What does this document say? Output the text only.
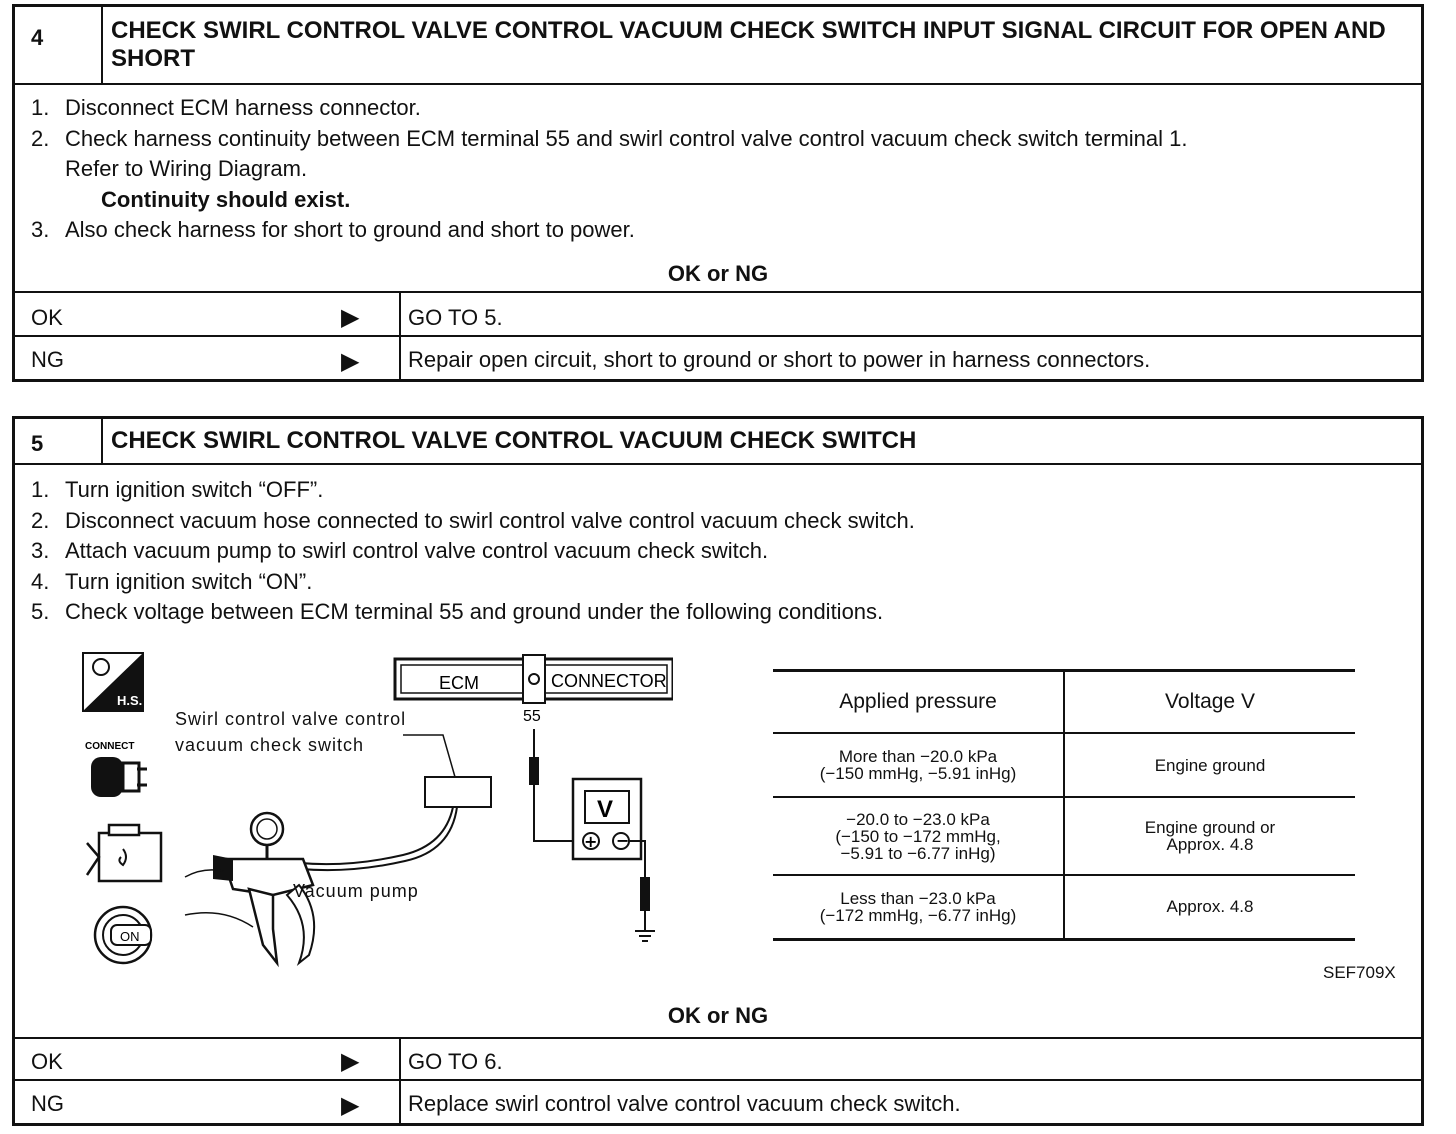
4	CHECK SWIRL CONTROL VALVE CONTROL VACUUM CHECK SWITCH INPUT SIGNAL CIRCUIT FOR OPEN AND SHORT
1. Disconnect ECM harness connector.
2. Check harness continuity between ECM terminal 55 and swirl control valve control vacuum check switch terminal 1.
Refer to Wiring Diagram.
Continuity should exist.
3. Also check harness for short to ground and short to power.
OK or NG
OK	▶ GO TO 5.
NG	▶ Repair open circuit, short to ground or short to power in harness connectors.
5	CHECK SWIRL CONTROL VALVE CONTROL VACUUM CHECK SWITCH
1. Turn ignition switch “OFF”.
2. Disconnect vacuum hose connected to swirl control valve control vacuum check switch.
3. Attach vacuum pump to swirl control valve control vacuum check switch.
4. Turn ignition switch “ON”.
5. Check voltage between ECM terminal 55 and ground under the following conditions.
H.S.
CONNECT
ON
ECM	CONNECTOR
55
V
+ −
Swirl control valve control
vacuum check switch
Vacuum pump
Applied pressure	Voltage V

More than −20.0 kPa
(−150 mmHg, −5.91 inHg)	Engine ground

−20.0 to −23.0 kPa
(−150 to −172 mmHg,
−5.91 to −6.77 inHg)	Engine ground or
Approx. 4.8

Less than −23.0 kPa
(−172 mmHg, −6.77 inHg)	Approx. 4.8
SEF709X
OK or NG
OK	▶ GO TO 6.
NG	▶ Replace swirl control valve control vacuum check switch.
